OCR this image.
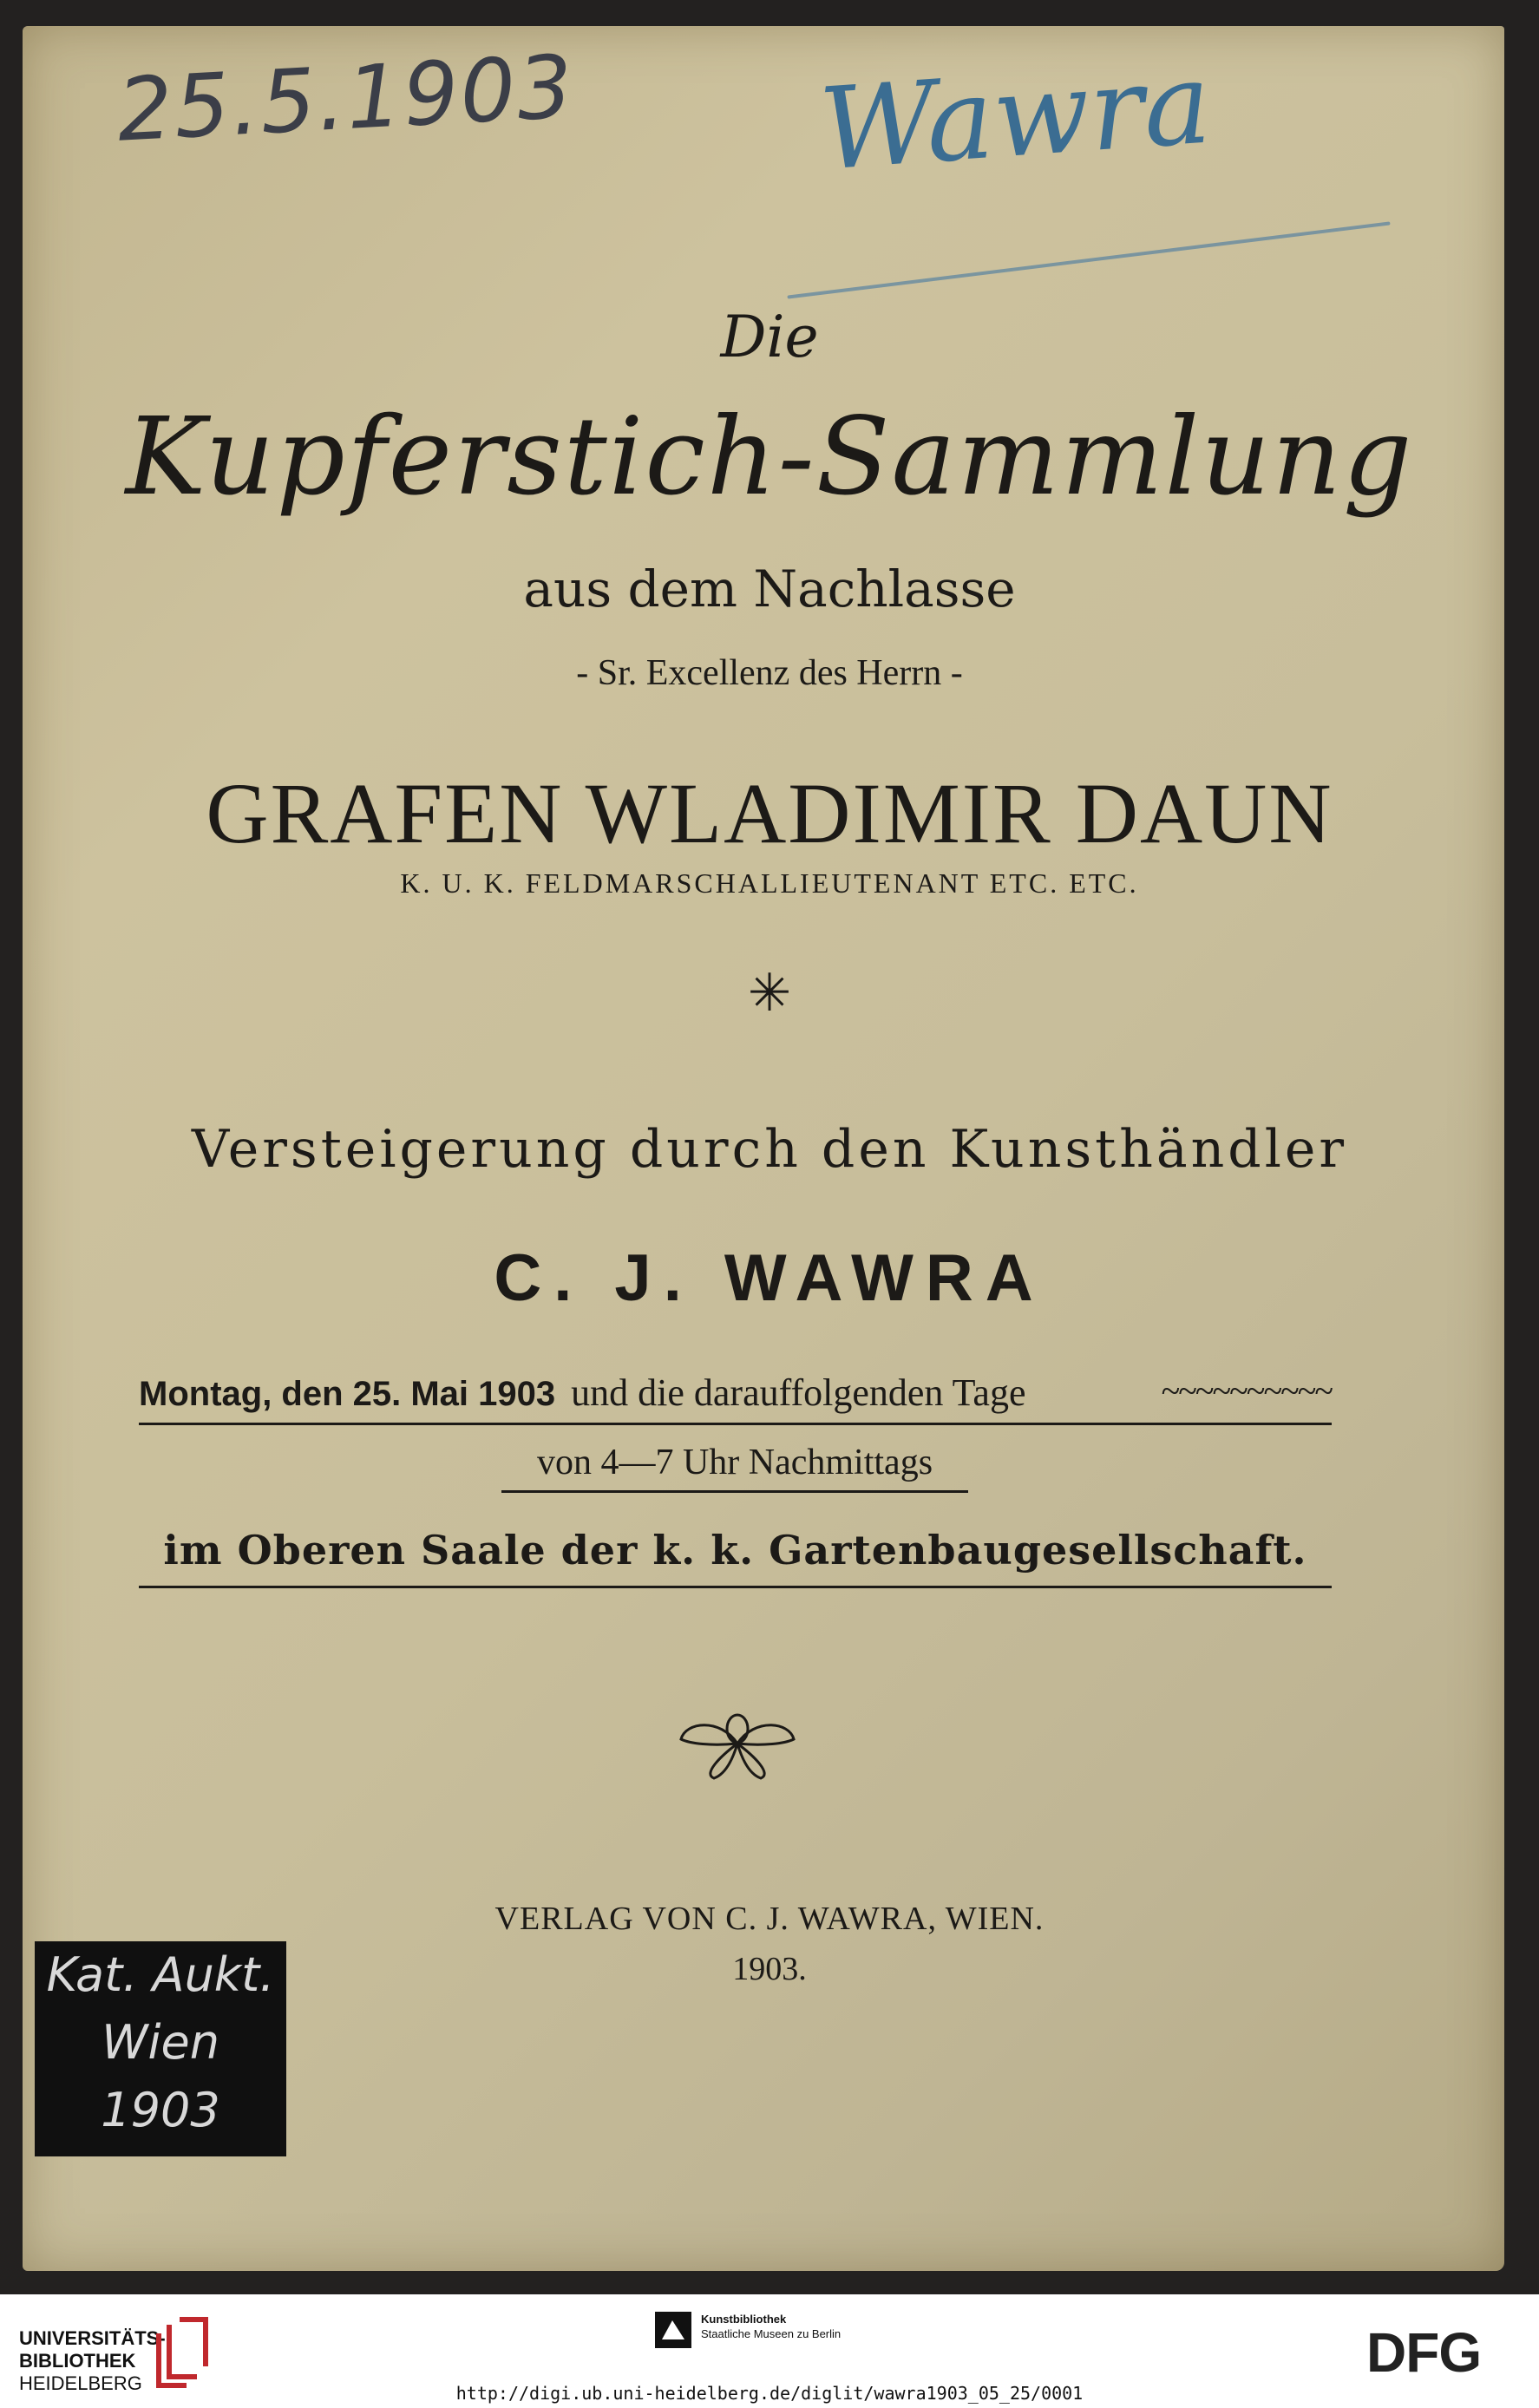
25.5.1903 Wawra
Die
Kupferstich-Sammlung
aus dem Nachlasse
- Sr. Excellenz des Herrn -
GRAFEN WLADIMIR DAUN
K. U. K. FELDMARSCHALLIEUTENANT ETC. ETC.
✳
Versteigerung durch den Kunsthändler
C. J. WAWRA
Montag, den 25. Mai 1903 und die darauffolgenden Tage	~~~~~~~~~~
von 4—7 Uhr Nachmittags
im Oberen Saale der k. k. Gartenbaugesellschaft.
VERLAG VON C. J. WAWRA, WIEN.
1903.
Kat. Aukt.
Wien
1903
UNIVERSITÄTS-
BIBLIOTHEK
HEIDELBERG
Kunstbibliothek
Staatliche Museen zu Berlin	DFG
http://digi.ub.uni-heidelberg.de/diglit/wawra1903_05_25/0001
